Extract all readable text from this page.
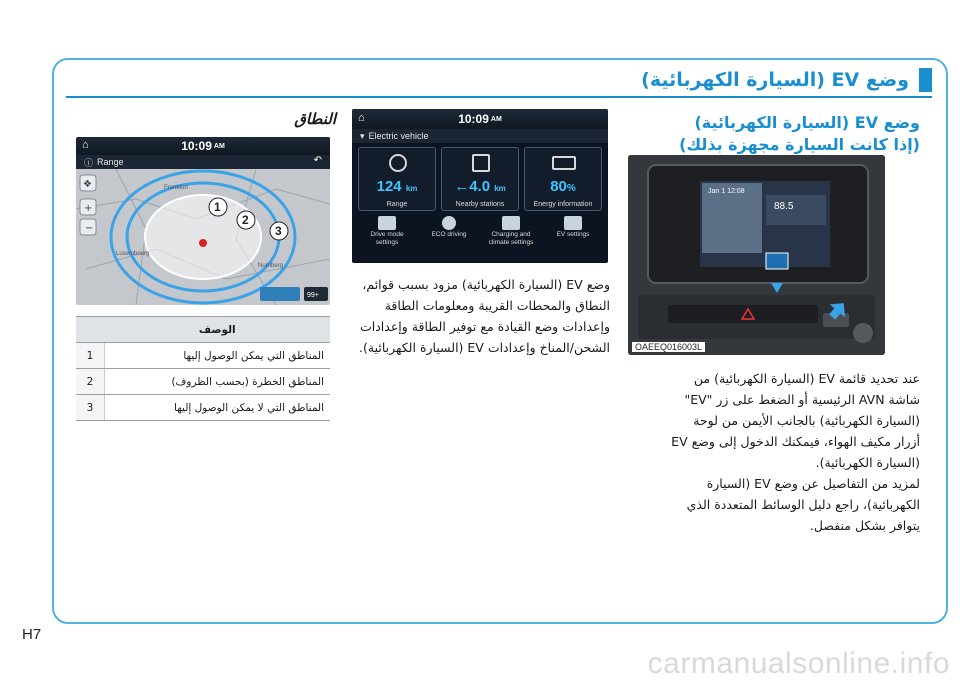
وضع EV (السيارة الكهربائية)
وضع EV (السيارة الكهربائية)
(إذا كانت السيارة مجهزة بذلك)
88.5
Jan 1 12:08
OAEEQ016003L
عند تحديد قائمة EV (السيارة الكهربائية) من
شاشة AVN الرئيسية أو الضغط على زر "EV"
(السيارة الكهربائية) بالجانب الأيمن من لوحة
أزرار مكيف الهواء، فيمكنك الدخول إلى وضع EV
(السيارة الكهربائية).
لمزيد من التفاصيل عن وضع EV (السيارة
الكهربائية)، راجع دليل الوسائط المتعددة الذي
يتوافر بشكل منفصل.
⌂	10:09 AM
▾ Electric vehicle
124 km
Range
←4.0 km
Nearby stations
80%
Energy information
Drive mode
settings
ECO driving	Charging and
climate settings
EV settings
وضع EV (السيارة الكهربائية) مزود بسبب قوائم،
النطاق والمحطات القريبة ومعلومات الطاقة
وإعدادات وضع القيادة مع توفير الطاقة وإعدادات
الشحن/المناخ وإعدادات EV (السيارة الكهربائية).
النطاق
⌂	10:09 AM
ⓘ Range	↶
1
2
3
Luxembourg
Nurnberg
Frankfurt
❖
+
−
99+
الوصف	
المناطق التي يمكن الوصول إليها	1
المناطق الخطرة (بحسب الظروف)	2
المناطق التي لا يمكن الوصول إليها	3
H7
carmanualsonline.info
